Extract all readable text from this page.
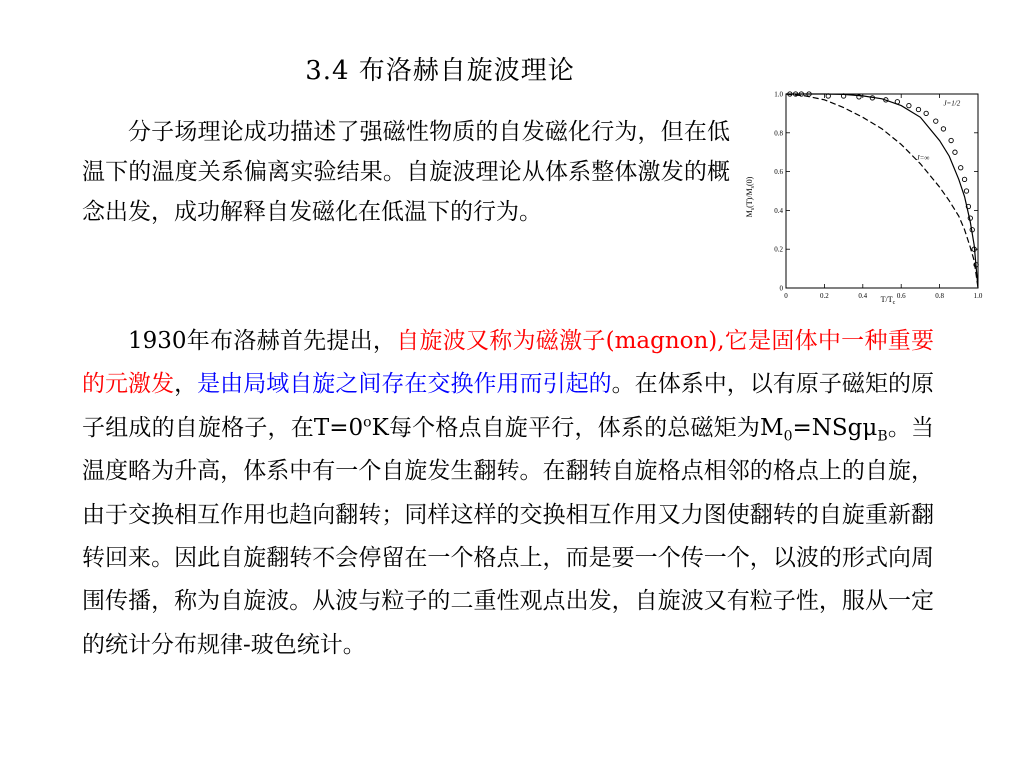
3.4 布洛赫自旋波理论
分子场理论成功描述了强磁性物质的自发磁化行为，但在低温下的温度关系偏离实验结果。自旋波理论从体系整体激发的概念出发，成功解释自发磁化在低温下的行为。
0	0.2	0.4	0.6	0.8	1.0
1.0
0.8
0.6
0.4
0.2
0
J=1/2
J=∞
$M_s(T)/M_s(0)$
$T/T_c$
1930年布洛赫首先提出，自旋波又称为磁激子(magnon),它是固体中一种重要的元激发，是由局域自旋之间存在交换作用而引起的。在体系中，以有原子磁矩的原子组成的自旋格子，在$T=0^oK$每个格点自旋平行，体系的总磁矩为$M_0=NSg\mu_B$。当温度略为升高，体系中有一个自旋发生翻转。在翻转自旋格点相邻的格点上的自旋，由于交换相互作用也趋向翻转；同样这样的交换相互作用又力图使翻转的自旋重新翻转回来。因此自旋翻转不会停留在一个格点上，而是要一个传一个，以波的形式向周围传播，称为自旋波。从波与粒子的二重性观点出发，自旋波又有粒子性，服从一定的统计分布规律-玻色统计。
